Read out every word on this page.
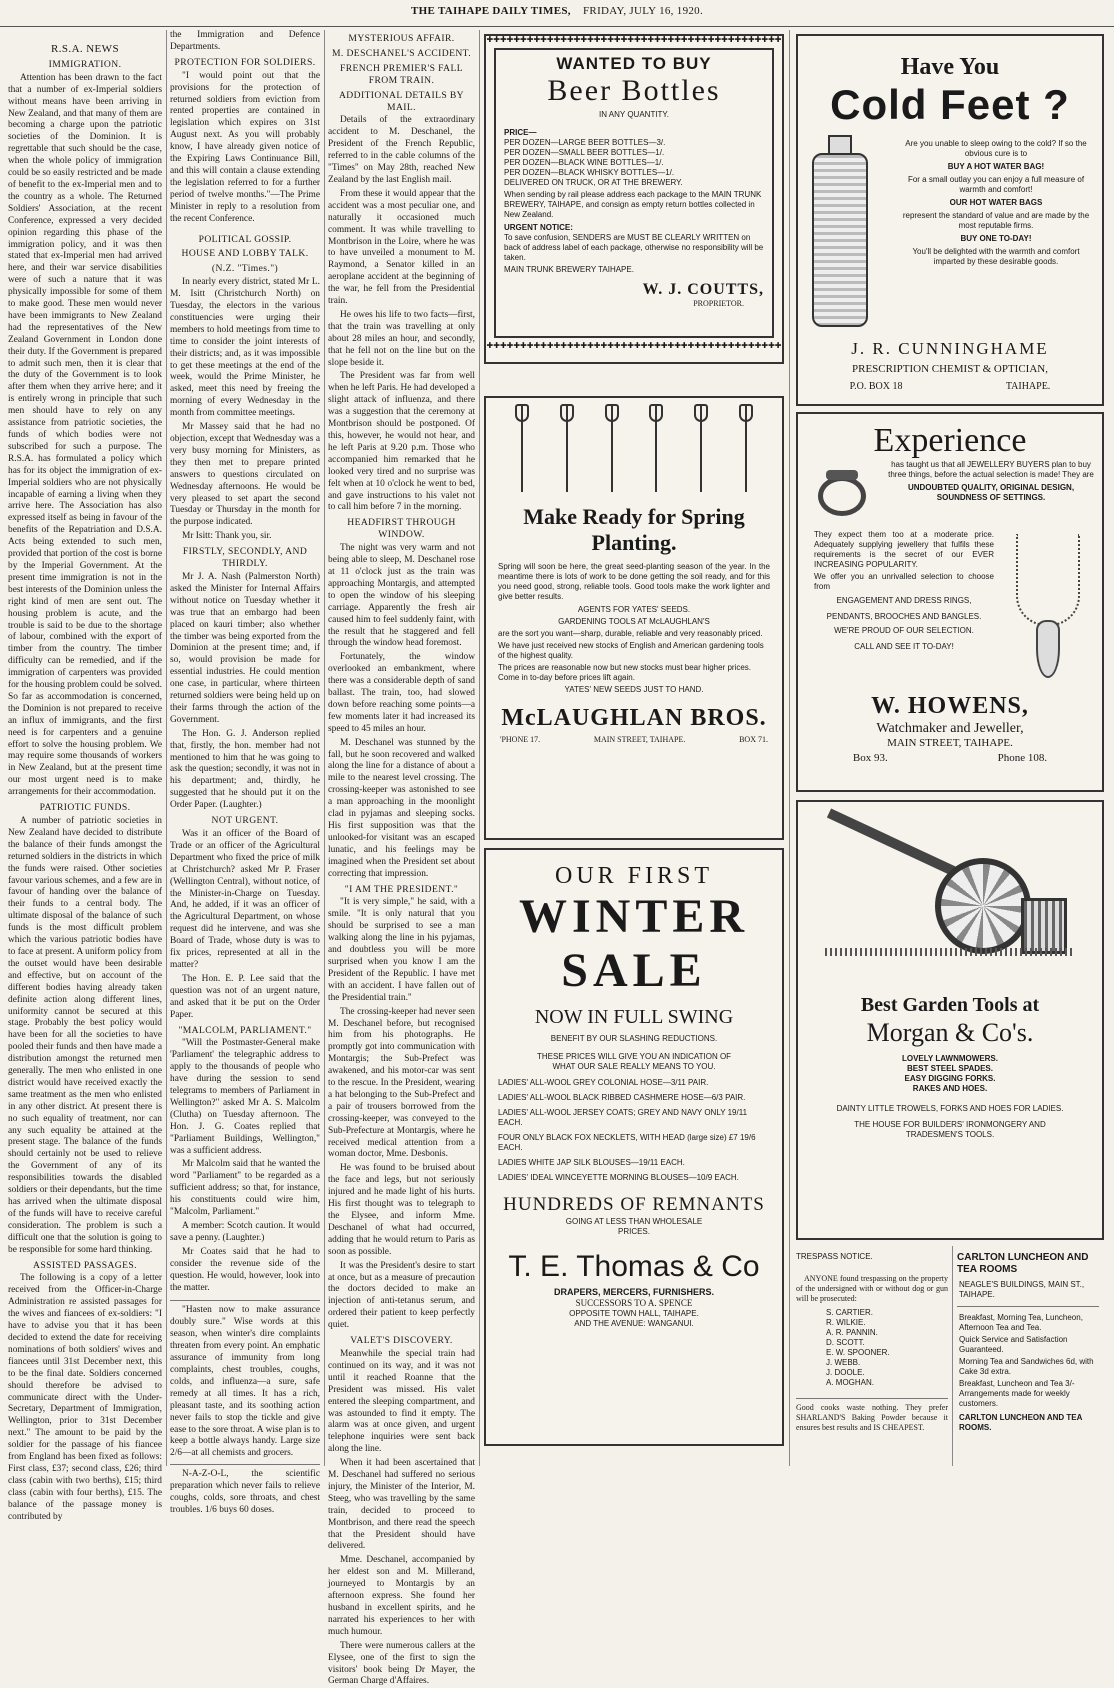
THE TAIHAPE DAILY TIMES, FRIDAY, JULY 16, 1920.
R.S.A. NEWS
IMMIGRATION.

Attention has been drawn to the fact that a number of ex-Imperial soldiers without means have been arriving in New Zealand, and that many of them are becoming a charge upon the patriotic societies of the Dominion. It is regrettable that such should be the case, when the whole policy of immigration could be so easily restricted and be made of benefit to the ex-Imperial men and to the country as a whole. The Returned Soldiers' Association, at the recent Conference, expressed a very decided opinion regarding this phase of the immigration policy, and it was then stated that ex-Imperial men had arrived here, and their war service disabilities were of such a nature that it was physically impossible for some of them to make good. These men would never have been immigrants to New Zealand had the representatives of the New Zealand Government in London done their duty. If the Government is prepared to admit such men, then it is clear that the duty of the Government is to look after them when they arrive here; and it is entirely wrong in principle that such men should have to rely on any assistance from patriotic societies, the funds of which bodies were not subscribed for such a purpose. The R.S.A. has formulated a policy which has for its object the immigration of ex-Imperial soldiers who are not physically incapable of earning a living when they arrive here. The Association has also expressed itself as being in favour of the benefits of the Repatriation and D.S.A. Acts being extended to such men, provided that portion of the cost is borne by the Imperial Government. At the present time immigration is not in the best interests of the Dominion unless the right kind of men are sent out. The housing problem is acute, and the trouble is said to be due to the shortage of labour, combined with the export of timber from the country. The timber difficulty can be remedied, and if the immigration of carpenters was provided for the housing problem could be solved. So far as accommodation is concerned, the Dominion is not prepared to receive an influx of immigrants, and the first need is for carpenters and a genuine effort to solve the housing problem. We may require some thousands of workers in New Zealand, but at the present time our most urgent need is to make arrangements for their accommodation.

PATRIOTIC FUNDS.

A number of patriotic societies in New Zealand have decided to distribute the balance of their funds amongst the returned soldiers in the districts in which the funds were raised. Other societies favour various schemes, and a few are in favour of handing over the balance of their funds to a central body. The ultimate disposal of the balance of such funds is the most difficult problem which the various patriotic bodies have to face at present. A uniform policy from the outset would have been desirable and effective, but on account of the different bodies having already taken definite action along different lines, uniformity cannot be secured at this stage. Probably the best policy would have been for all the societies to have pooled their funds and then have made a distribution amongst the returned men generally. The men who enlisted in one district would have received exactly the same treatment as the men who enlisted in any other district. At present there is no such equality of treatment, nor can any such equality be attained at the present stage. The balance of the funds should certainly not be used to relieve the Government of any of its responsibilities towards the disabled soldiers or their dependants, but the time has arrived when the ultimate disposal of the funds will have to receive careful consideration. The problem is such a difficult one that the solution is going to be responsible for some hard thinking.

ASSISTED PASSAGES.

The following is a copy of a letter received from the Officer-in-Charge Administration re assisted passages for the wives and fiancees of ex-soldiers: "I have to advise you that it has been decided to extend the date for receiving nominations of both soldiers' wives and fiancees until 31st December next, this to be the final date. Soldiers concerned should therefore be advised to communicate direct with the Under-Secretary, Department of Immigration, Wellington, prior to 31st December next." The amount to be paid by the soldier for the passage of his fiancee from England has been fixed as follows: First class, £37; second class, £26; third class (cabin with two berths), £15; third class (cabin with four berths), £15. The balance of the passage money is contributed by

the Immigration and Defence Departments.

PROTECTION FOR SOLDIERS.

"I would point out that the provisions for the protection of returned soldiers from eviction from rented properties are contained in legislation which expires on 31st August next. As you will probably know, I have already given notice of the Expiring Laws Continuance Bill, and this will contain a clause extending the legislation referred to for a further period of twelve months."—The Prime Minister in reply to a resolution from the recent Conference.

POLITICAL GOSSIP.
HOUSE AND LOBBY TALK.
(N.Z. "Times.")

In nearly every district, stated Mr L. M. Isitt (Christchurch North) on Tuesday, the electors in the various constituencies were urging their members to hold meetings from time to time to consider the joint interests of their districts; and, as it was impossible to get these meetings at the end of the week, would the Prime Minister, he asked, meet this need by freeing the morning of every Wednesday in the month from committee meetings.

Mr Massey said that he had no objection, except that Wednesday was a very busy morning for Ministers, as they then met to prepare printed answers to questions circulated on Wednesday afternoons. He would be very pleased to set apart the second Tuesday or Thursday in the month for the purpose indicated.

Mr Isitt: Thank you, sir.

FIRSTLY, SECONDLY, AND THIRDLY.

Mr J. A. Nash (Palmerston North) asked the Minister for Internal Affairs without notice on Tuesday whether it was true that an embargo had been placed on kauri timber; also whether the timber was being exported from the Dominion at the present time; and, if so, would provision be made for essential industries. He could mention one case, in particular, where thirteen returned soldiers were being held up on their farms through the action of the Government.

The Hon. G. J. Anderson replied that, firstly, the hon. member had not mentioned to him that he was going to ask the question; secondly, it was not in his department; and, thirdly, he suggested that he should put it on the Order Paper. (Laughter.)

NOT URGENT.

Was it an officer of the Board of Trade or an officer of the Agricultural Department who fixed the price of milk at Christchurch? asked Mr P. Fraser (Wellington Central), without notice, of the Minister-in-Charge on Tuesday. And, he added, if it was an officer of the Agricultural Department, on whose request did he intervene, and was she Board of Trade, whose duty is was to fix prices, represented at all in the matter?

The Hon. E. P. Lee said that the question was not of an urgent nature, and asked that it be put on the Order Paper.

"MALCOLM, PARLIAMENT."

"Will the Postmaster-General make 'Parliament' the telegraphic address to apply to the thousands of people who have during the session to send telegrams to members of Parliament in Wellington?" asked Mr A. S. Malcolm (Clutha) on Tuesday afternoon. The Hon. J. G. Coates replied that "Parliament Buildings, Wellington," was a sufficient address.

Mr Malcolm said that he wanted the word "Parliament" to be regarded as a sufficient address; so that, for instance, his constituents could wire him, "Malcolm, Parliament."

A member: Scotch caution. It would save a penny. (Laughter.)

Mr Coates said that he had to consider the revenue side of the question. He would, however, look into the matter.

"Hasten now to make assurance doubly sure." Wise words at this season, when winter's dire complaints threaten from every point. An emphatic assurance of immunity from long complaints, chest troubles, coughs, colds, and influenza—a sure, safe remedy at all times. It has a rich, pleasant taste, and its soothing action never fails to stop the tickle and give ease to the sore throat. A wise plan is to keep a bottle always handy. Large size 2/6—at all chemists and grocers.

N-A-Z-O-L, the scientific preparation which never fails to relieve coughs, colds, sore throats, and chest troubles. 1/6 buys 60 doses.

MYSTERIOUS AFFAIR.
M. DESCHANEL'S ACCIDENT.
FRENCH PREMIER'S FALL FROM TRAIN.
ADDITIONAL DETAILS BY MAIL.

Details of the extraordinary accident to M. Deschanel, the President of the French Republic, referred to in the cable columns of the "Times" on May 28th, reached New Zealand by the last English mail.

From these it would appear that the accident was a most peculiar one, and naturally it occasioned much comment. It was while travelling to Montbrison in the Loire, where he was to have unveiled a monument to M. Raymond, a Senator killed in an aeroplane accident at the beginning of the war, he fell from the Presidential train.

He owes his life to two facts—first, that the train was travelling at only about 28 miles an hour, and secondly, that he fell not on the line but on the slope beside it.

The President was far from well when he left Paris. He had developed a slight attack of influenza, and there was a suggestion that the ceremony at Montbrison should be postponed. Of this, however, he would not hear, and he left Paris at 9.20 p.m. Those who accompanied him remarked that he looked very tired and no surprise was felt when at 10 o'clock he went to bed, and gave instructions to his valet not to call him before 7 in the morning.

HEADFIRST THROUGH WINDOW.

The night was very warm and not being able to sleep, M. Deschanel rose at 11 o'clock just as the train was approaching Montargis, and attempted to open the window of his sleeping carriage. Apparently the fresh air caused him to feel suddenly faint, with the result that he staggered and fell through the window head foremost.

Fortunately, the window overlooked an embankment, where there was a considerable depth of sand ballast. The train, too, had slowed down before reaching some points—a few moments later it had increased its speed to 45 miles an hour.

M. Deschanel was stunned by the fall, but he soon recovered and walked along the line for a distance of about a mile to the nearest level crossing. The crossing-keeper was astonished to see a man approaching in the moonlight clad in pyjamas and sleeping socks. His first supposition was that the unlooked-for visitant was an escaped lunatic, and his feelings may be imagined when the President set about correcting that impression.

"I AM THE PRESIDENT."

"It is very simple," he said, with a smile. "It is only natural that you should be surprised to see a man walking along the line in his pyjamas, and doubtless you will be more surprised when you know I am the President of the Republic. I have met with an accident. I have fallen out of the Presidential train."

The crossing-keeper had never seen M. Deschanel before, but recognised him from his photographs. He promptly got into communication with Montargis; the Sub-Prefect was awakened, and his motor-car was sent to the rescue. In the President, wearing a hat belonging to the Sub-Prefect and a pair of trousers borrowed from the crossing-keeper, was conveyed to the Sub-Prefecture at Montargis, where he received medical attention from a woman doctor, Mme. Desbonis.

He was found to be bruised about the face and legs, but not seriously injured and he made light of his hurts. His first thought was to telegraph to the Elysee, and inform Mme. Deschanel of what had occurred, adding that he would return to Paris as soon as possible.

It was the President's desire to start at once, but as a measure of precaution the doctors decided to make an injection of anti-tetanus serum, and ordered their patient to keep perfectly quiet.

VALET'S DISCOVERY.

Meanwhile the special train had continued on its way, and it was not until it reached Roanne that the President was missed. His valet entered the sleeping compartment, and was astounded to find it empty. The alarm was at once given, and urgent telephone inquiries were sent back along the line.

When it had been ascertained that M. Deschanel had suffered no serious injury, the Minister of the Interior, M. Steeg, who was travelling by the same train, decided to proceed to Montbrison, and there read the speech that the President should have delivered.

Mme. Deschanel, accompanied by her eldest son and M. Millerand, journeyed to Montargis by an afternoon express. She found her husband in excellent spirits, and he narrated his experiences to her with much humour.

There were numerous callers at the Elysee, one of the first to sign the visitors' book being Dr Mayer, the German Charge d'Affaires.

✚✚✚✚✚✚✚✚✚✚✚✚✚✚✚✚✚✚✚✚✚✚✚✚✚✚✚✚✚✚✚✚✚✚✚✚✚✚✚✚✚✚✚✚
WANTED TO BUY
Beer Bottles
IN ANY QUANTITY.
PRICE—
PER DOZEN—LARGE BEER BOTTLES—3/.
PER DOZEN—SMALL BEER BOTTLES—1/.
PER DOZEN—BLACK WINE BOTTLES—1/.
PER DOZEN—BLACK WHISKY BOTTLES—1/.
DELIVERED ON TRUCK, OR AT THE BREWERY.
When sending by rail please address each package to the MAIN TRUNK BREWERY, TAIHAPE, and consign as empty return bottles collected in New Zealand.
URGENT NOTICE:
To save confusion, SENDERS are MUST BE CLEARLY WRITTEN on back of address label of each package, otherwise no responsibility will be taken.
MAIN TRUNK BREWERY TAIHAPE.
W. J. COUTTS,
PROPRIETOR.
✚✚✚✚✚✚✚✚✚✚✚✚✚✚✚✚✚✚✚✚✚✚✚✚✚✚✚✚✚✚✚✚✚✚✚✚✚✚✚✚✚✚✚✚
Have You
Cold Feet ?
Are you unable to sleep owing to the cold? If so the obvious cure is to
BUY A HOT WATER BAG!
For a small outlay you can enjoy a full measure of warmth and comfort!
OUR HOT WATER BAGS
represent the standard of value and are made by the most reputable firms.
BUY ONE TO-DAY!
You'll be delighted with the warmth and comfort imparted by these desirable goods.
J. R. CUNNINGHAME
PRESCRIPTION CHEMIST & OPTICIAN,
P.O. BOX 18	TAIHAPE.
Make Ready for Spring
Planting.
Spring will soon be here, the great seed-planting season of the year. In the meantime there is lots of work to be done getting the soil ready, and for this you need good, strong, reliable tools. Good tools make the work lighter and give better results.
AGENTS FOR YATES' SEEDS.
GARDENING TOOLS AT McLAUGHLAN'S
are the sort you want—sharp, durable, reliable and very reasonably priced.
We have just received new stocks of English and American gardening tools of the highest quality.
The prices are reasonable now but new stocks must bear higher prices. Come in to-day before prices lift again.
YATES' NEW SEEDS JUST TO HAND.
McLAUGHLAN BROS.
'PHONE 17.	MAIN STREET, TAIHAPE.	BOX 71.
Experience
has taught us that all JEWELLERY BUYERS plan to buy three things, before the actual selection is made! They are
UNDOUBTED QUALITY, ORIGINAL DESIGN, SOUNDNESS OF SETTINGS.
They expect them too at a moderate price. Adequately supplying jewellery that fulfils these requirements is the secret of our EVER INCREASING POPULARITY.
We offer you an unrivalled selection to choose from
ENGAGEMENT AND DRESS RINGS,
PENDANTS, BROOCHES AND BANGLES.
WE'RE PROUD OF OUR SELECTION.
CALL AND SEE IT TO-DAY!
W. HOWENS,
Watchmaker and Jeweller,
MAIN STREET, TAIHAPE.
Box 93.	Phone 108.
OUR FIRST
WINTER
SALE
NOW IN FULL SWING
BENEFIT BY OUR SLASHING REDUCTIONS.
THESE PRICES WILL GIVE YOU AN INDICATION OF WHAT OUR SALE REALLY MEANS TO YOU.
LADIES' ALL-WOOL GREY COLONIAL HOSE—3/11 PAIR.
LADIES' ALL-WOOL BLACK RIBBED CASHMERE HOSE—6/3 PAIR.
LADIES' ALL-WOOL JERSEY COATS; GREY AND NAVY ONLY 19/11 EACH.
FOUR ONLY BLACK FOX NECKLETS, WITH HEAD (large size) £7 19/6 EACH.
LADIES WHITE JAP SILK BLOUSES—19/11 EACH.
LADIES' IDEAL WINCEYETTE MORNING BLOUSES—10/9 EACH.
HUNDREDS OF REMNANTS
GOING AT LESS THAN WHOLESALE PRICES.
T. E. Thomas & Co
DRAPERS, MERCERS, FURNISHERS.
SUCCESSORS TO A. SPENCE
OPPOSITE TOWN HALL, TAIHAPE.
AND THE AVENUE: WANGANUI.
Best Garden Tools at
Morgan & Co's.
LOVELY LAWNMOWERS.
BEST STEEL SPADES.
EASY DIGGING FORKS.
RAKES AND HOES.
DAINTY LITTLE TROWELS, FORKS AND HOES FOR LADIES.
THE HOUSE FOR BUILDERS' IRONMONGERY AND TRADESMEN'S TOOLS.
TRESPASS NOTICE.
ANYONE found trespassing on the property of the undersigned with or without dog or gun will be prosecuted:
S. CARTIER.
R. WILKIE.
A. R. PANNIN.
D. SCOTT.
E. W. SPOONER.
J. WEBB.
J. DOOLE.
A. MOGHAN.
Good cooks waste nothing. They prefer SHARLAND'S Baking Powder because it ensures best results and IS CHEAPEST.
CARLTON LUNCHEON AND TEA ROOMS
NEAGLE'S BUILDINGS, MAIN ST., TAIHAPE.
Breakfast, Morning Tea, Luncheon, Afternoon Tea and Tea.
Quick Service and Satisfaction Guaranteed.
Morning Tea and Sandwiches 6d, with Cake 3d extra.
Breakfast, Luncheon and Tea 3/- Arrangements made for weekly customers.
CARLTON LUNCHEON AND TEA ROOMS.
